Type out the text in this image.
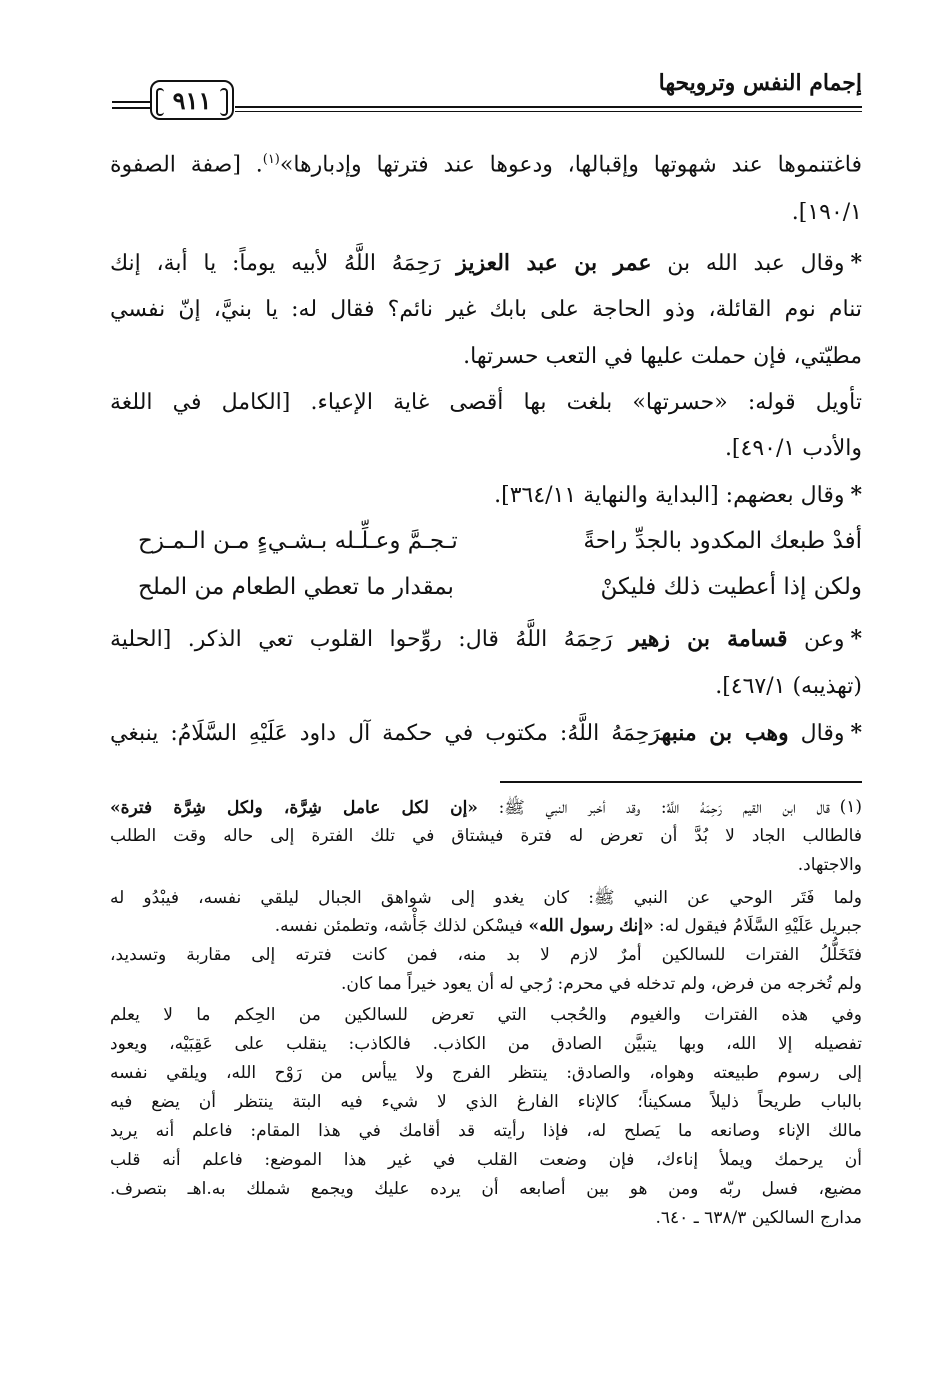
إجمام النفس وترويحها
٩١١
فاغتنموها عند شهوتها وإقبالها، ودعوها عند فترتها وإدبارها»$^{(١)}$. [صفة الصفوة
١٩٠/١].
*وقال عبد الله بن عمر بن عبد العزيز رَحِمَهُ اللَّهُ لأبيه يوماً: يا أبة، إنك
تنام نوم القائلة، وذو الحاجة على بابك غير نائم؟ فقال له: يا بنيَّ، إنّ نفسي
مطيّتي، فإن حملت عليها في التعب حسرتها.
تأويل قوله: «حسرتها» بلغت بها أقصى غاية الإعياء. [الكامل في اللغة
والأدب ٤٩٠/١].
*وقال بعضهم: [البداية والنهاية ٣٦٤/١١].
أفدْ طبعك المكدود بالجدِّ راحةً
تـجـمَّ وعـلِّـله بـشـيءٍ مـن الـمـزح
ولكن إذا أعطيت ذلك فليكنْ
بمقدار ما تعطي الطعام من الملح
*وعن قسامة بن زهير رَحِمَهُ اللَّهُ قال: روِّحوا القلوب تعي الذكر. [الحلية
(تهذيبه) ٤٦٧/١].
*وقال وهب بن منبهرَحِمَهُ اللَّهُ: مكتوب في حكمة آل داود عَلَيْهِ السَّلَامُ: ينبغي
(١)
قال ابن القيم رَحِمَهُ اللَّهُ: وقد أخبر النبي ﷺ: «إن لكل عامل شِرَّة، ولكل شِرَّة فترة»
فالطالب الجاد لا بُدَّ أن تعرض له فترة فيشتاق في تلك الفترة إلى حاله وقت الطلب
والاجتهاد.
ولما فَتَر الوحي عن النبي ﷺ: كان يغدو إلى شواهق الجبال ليلقي نفسه، فيبْدُو له
جبريل عَلَيْهِ السَّلَامُ فيقول له: «إنك رسول الله» فيسْكن لذلك جَأْشه، وتطمئن نفسه.
فتَخَلُّلُ الفترات للسالكين أمرٌ لازم لا بد منه، فمن كانت فترته إلى مقاربة وتسديد،
ولم تُخرجه من فرض، ولم تدخله في محرم: رُجي له أن يعود خيراً مما كان.
وفي هذه الفترات والغيوم والحُجب التي تعرض للسالكين من الحِكم ما لا يعلم
تفصيله إلا الله، وبها يتبيَّن الصادق من الكاذب. فالكاذب: ينقلب على عَقِبَيْه، ويعود
إلى رسوم طبيعته وهواه، والصادق: ينتظر الفرج ولا ييأس من رَوْح الله، ويلقي نفسه
بالباب طريحاً ذليلاً مسكيناً؛ كالإناء الفارغ الذي لا شيء فيه البتة ينتظر أن يضع فيه
مالك الإناء وصانعه ما يَصلح له، فإذا رأيته قد أقامك في هذا المقام: فاعلم أنه يريد
أن يرحمك ويملأ إناءك، فإن وضعت القلب في غير هذا الموضع: فاعلم أنه قلب
مضيع، فسل ربّه ومن هو بين أصابعه أن يرده عليك ويجمع شملك به.اهـ بتصرف.
مدارج السالكين ٦٣٨/٣ ـ ٦٤٠.
